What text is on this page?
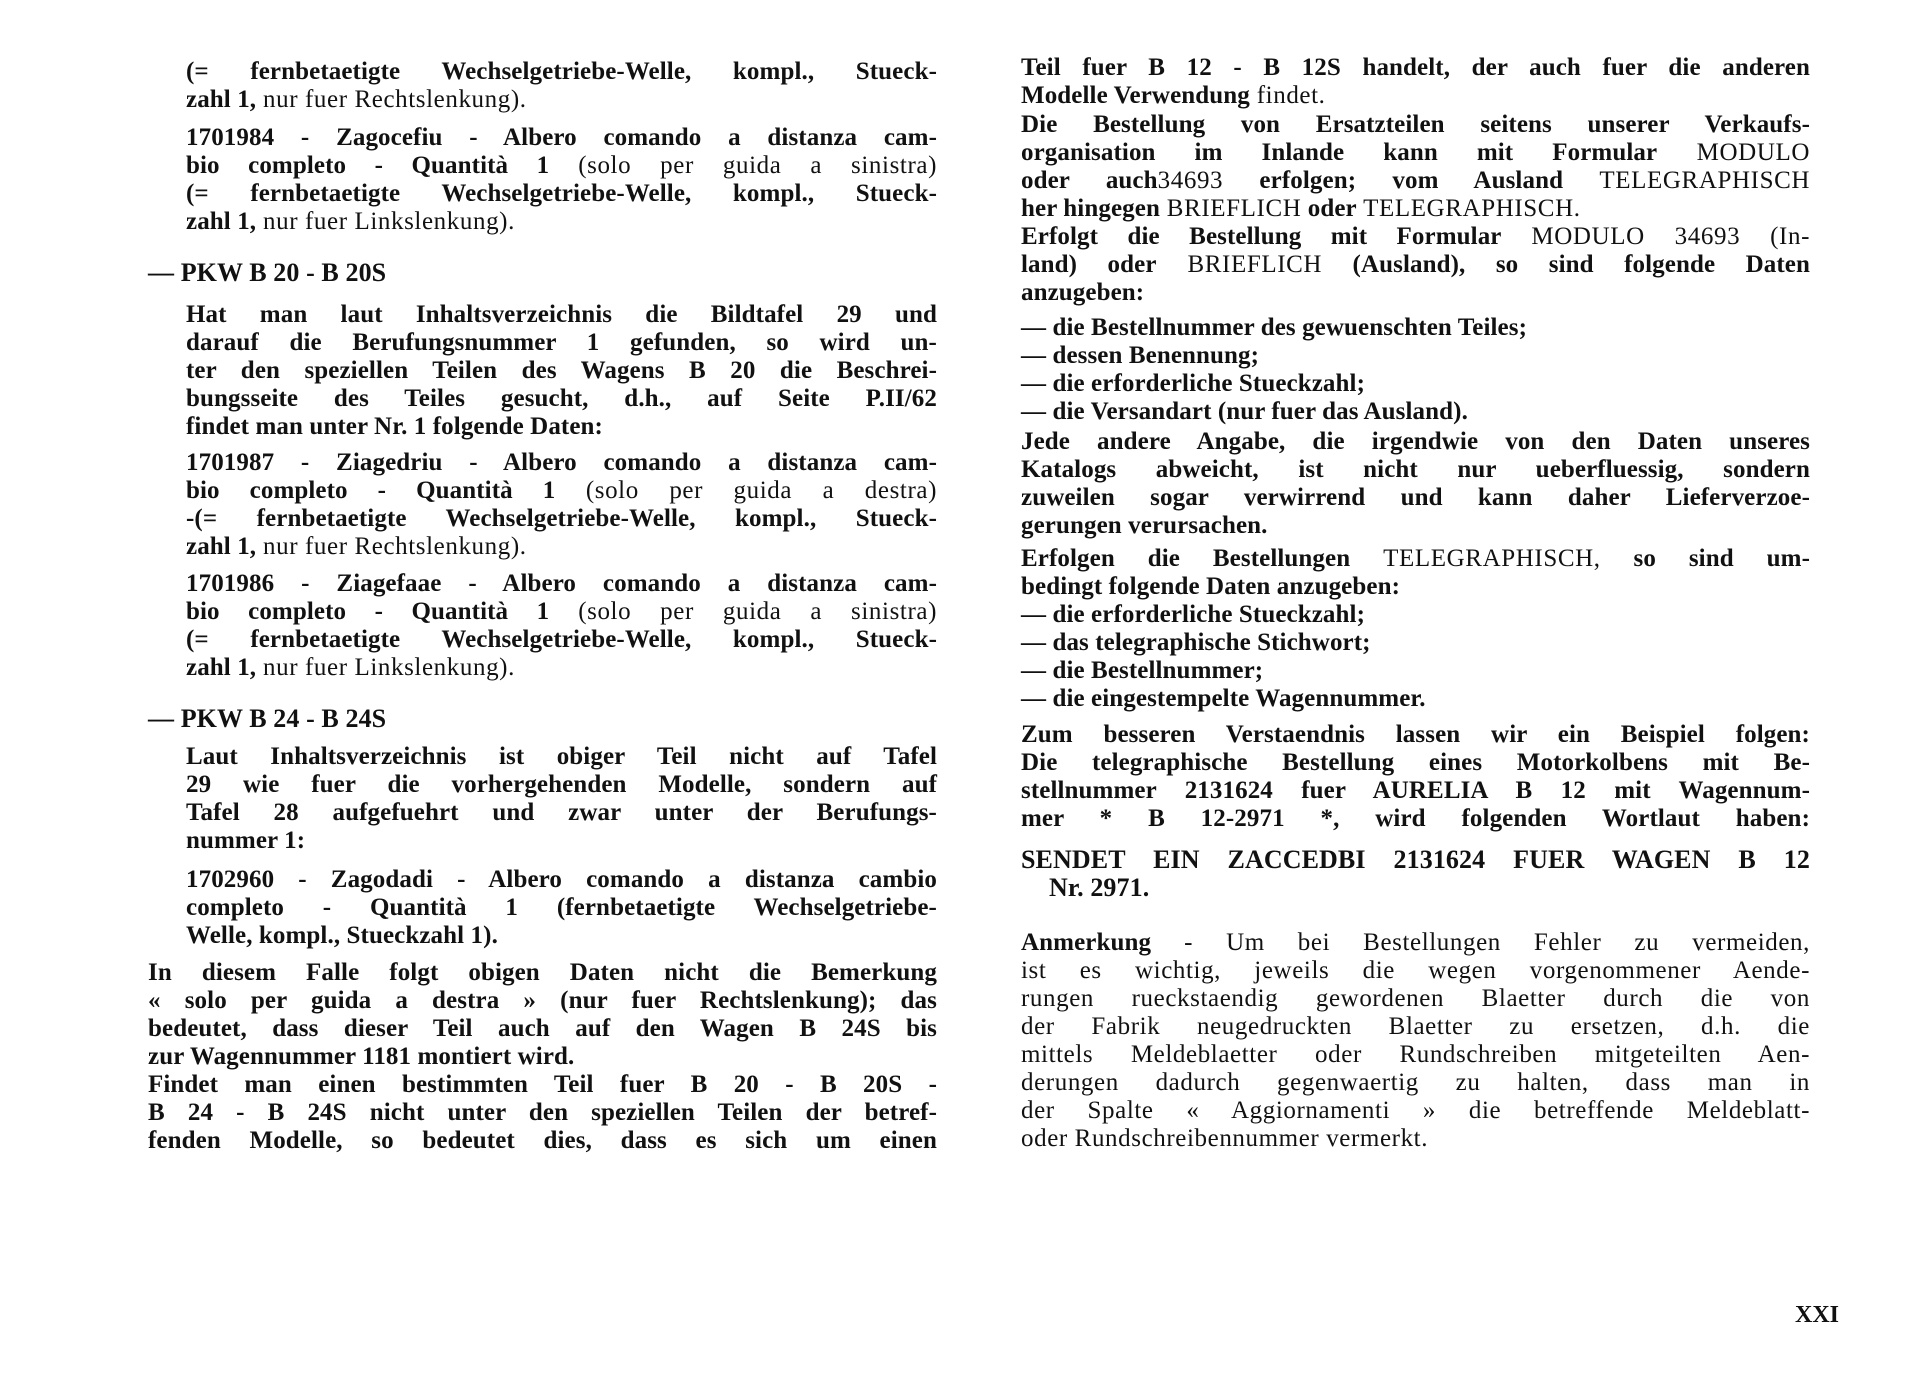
(= fernbetaetigte Wechselgetriebe-Welle, kompl., Stueck-
zahl 1, nur fuer Rechtslenkung).
1701984 - Zagocefiu - Albero comando a distanza cam-
bio completo - Quantità 1 (solo per guida a sinistra)
(= fernbetaetigte Wechselgetriebe-Welle, kompl., Stueck-
zahl 1, nur fuer Linkslenkung).
— PKW B 20 - B 20S
Hat man laut Inhaltsverzeichnis die Bildtafel 29 und
darauf die Berufungsnummer 1 gefunden, so wird un-
ter den speziellen Teilen des Wagens B 20 die Beschrei-
bungsseite des Teiles gesucht, d.h., auf Seite P.II/62
findet man unter Nr. 1 folgende Daten:
1701987 - Ziagedriu - Albero comando a distanza cam-
bio completo - Quantità 1 (solo per guida a destra)
-(= fernbetaetigte Wechselgetriebe-Welle, kompl., Stueck-
zahl 1, nur fuer Rechtslenkung).
1701986 - Ziagefaae - Albero comando a distanza cam-
bio completo - Quantità 1 (solo per guida a sinistra)
(= fernbetaetigte Wechselgetriebe-Welle, kompl., Stueck-
zahl 1, nur fuer Linkslenkung).
— PKW B 24 - B 24S
Laut Inhaltsverzeichnis ist obiger Teil nicht auf Tafel
29 wie fuer die vorhergehenden Modelle, sondern auf
Tafel 28 aufgefuehrt und zwar unter der Berufungs-
nummer 1:
1702960 - Zagodadi - Albero comando a distanza cambio
completo - Quantità 1 (fernbetaetigte Wechselgetriebe-
Welle, kompl., Stueckzahl 1).
In diesem Falle folgt obigen Daten nicht die Bemerkung
« solo per guida a destra » (nur fuer Rechtslenkung); das
bedeutet, dass dieser Teil auch auf den Wagen B 24S bis
zur Wagennummer 1181 montiert wird.
Findet man einen bestimmten Teil fuer B 20 - B 20S -
B 24 - B 24S nicht unter den speziellen Teilen der betref-
fenden Modelle, so bedeutet dies, dass es sich um einen
Teil fuer B 12 - B 12S handelt, der auch fuer die anderen
Modelle Verwendung findet.
Die Bestellung von Ersatzteilen seitens unserer Verkaufs-
organisation im Inlande kann mit Formular MODULO
oder auch34693 erfolgen; vom Ausland TELEGRAPHISCH
her hingegen BRIEFLICH oder TELEGRAPHISCH.
Erfolgt die Bestellung mit Formular MODULO 34693 (In-
land) oder BRIEFLICH (Ausland), so sind folgende Daten
anzugeben:
— die Bestellnummer des gewuenschten Teiles;
— dessen Benennung;
— die erforderliche Stueckzahl;
— die Versandart (nur fuer das Ausland).
Jede andere Angabe, die irgendwie von den Daten unseres
Katalogs abweicht, ist nicht nur ueberfluessig, sondern
zuweilen sogar verwirrend und kann daher Lieferverzoe-
gerungen verursachen.
Erfolgen die Bestellungen TELEGRAPHISCH, so sind um-
bedingt folgende Daten anzugeben:
— die erforderliche Stueckzahl;
— das telegraphische Stichwort;
— die Bestellnummer;
— die eingestempelte Wagennummer.
Zum besseren Verstaendnis lassen wir ein Beispiel folgen:
Die telegraphische Bestellung eines Motorkolbens mit Be-
stellnummer 2131624 fuer AURELIA B 12 mit Wagennum-
mer * B 12-2971 *, wird folgenden Wortlaut haben:
SENDET EIN ZACCEDBI 2131624 FUER WAGEN B 12
Nr. 2971.
Anmerkung - Um bei Bestellungen Fehler zu vermeiden,
ist es wichtig, jeweils die wegen vorgenommener Aende-
rungen rueckstaendig gewordenen Blaetter durch die von
der Fabrik neugedruckten Blaetter zu ersetzen, d.h. die
mittels Meldeblaetter oder Rundschreiben mitgeteilten Aen-
derungen dadurch gegenwaertig zu halten, dass man in
der Spalte « Aggiornamenti » die betreffende Meldeblatt-
oder Rundschreibennummer vermerkt.
XXI
